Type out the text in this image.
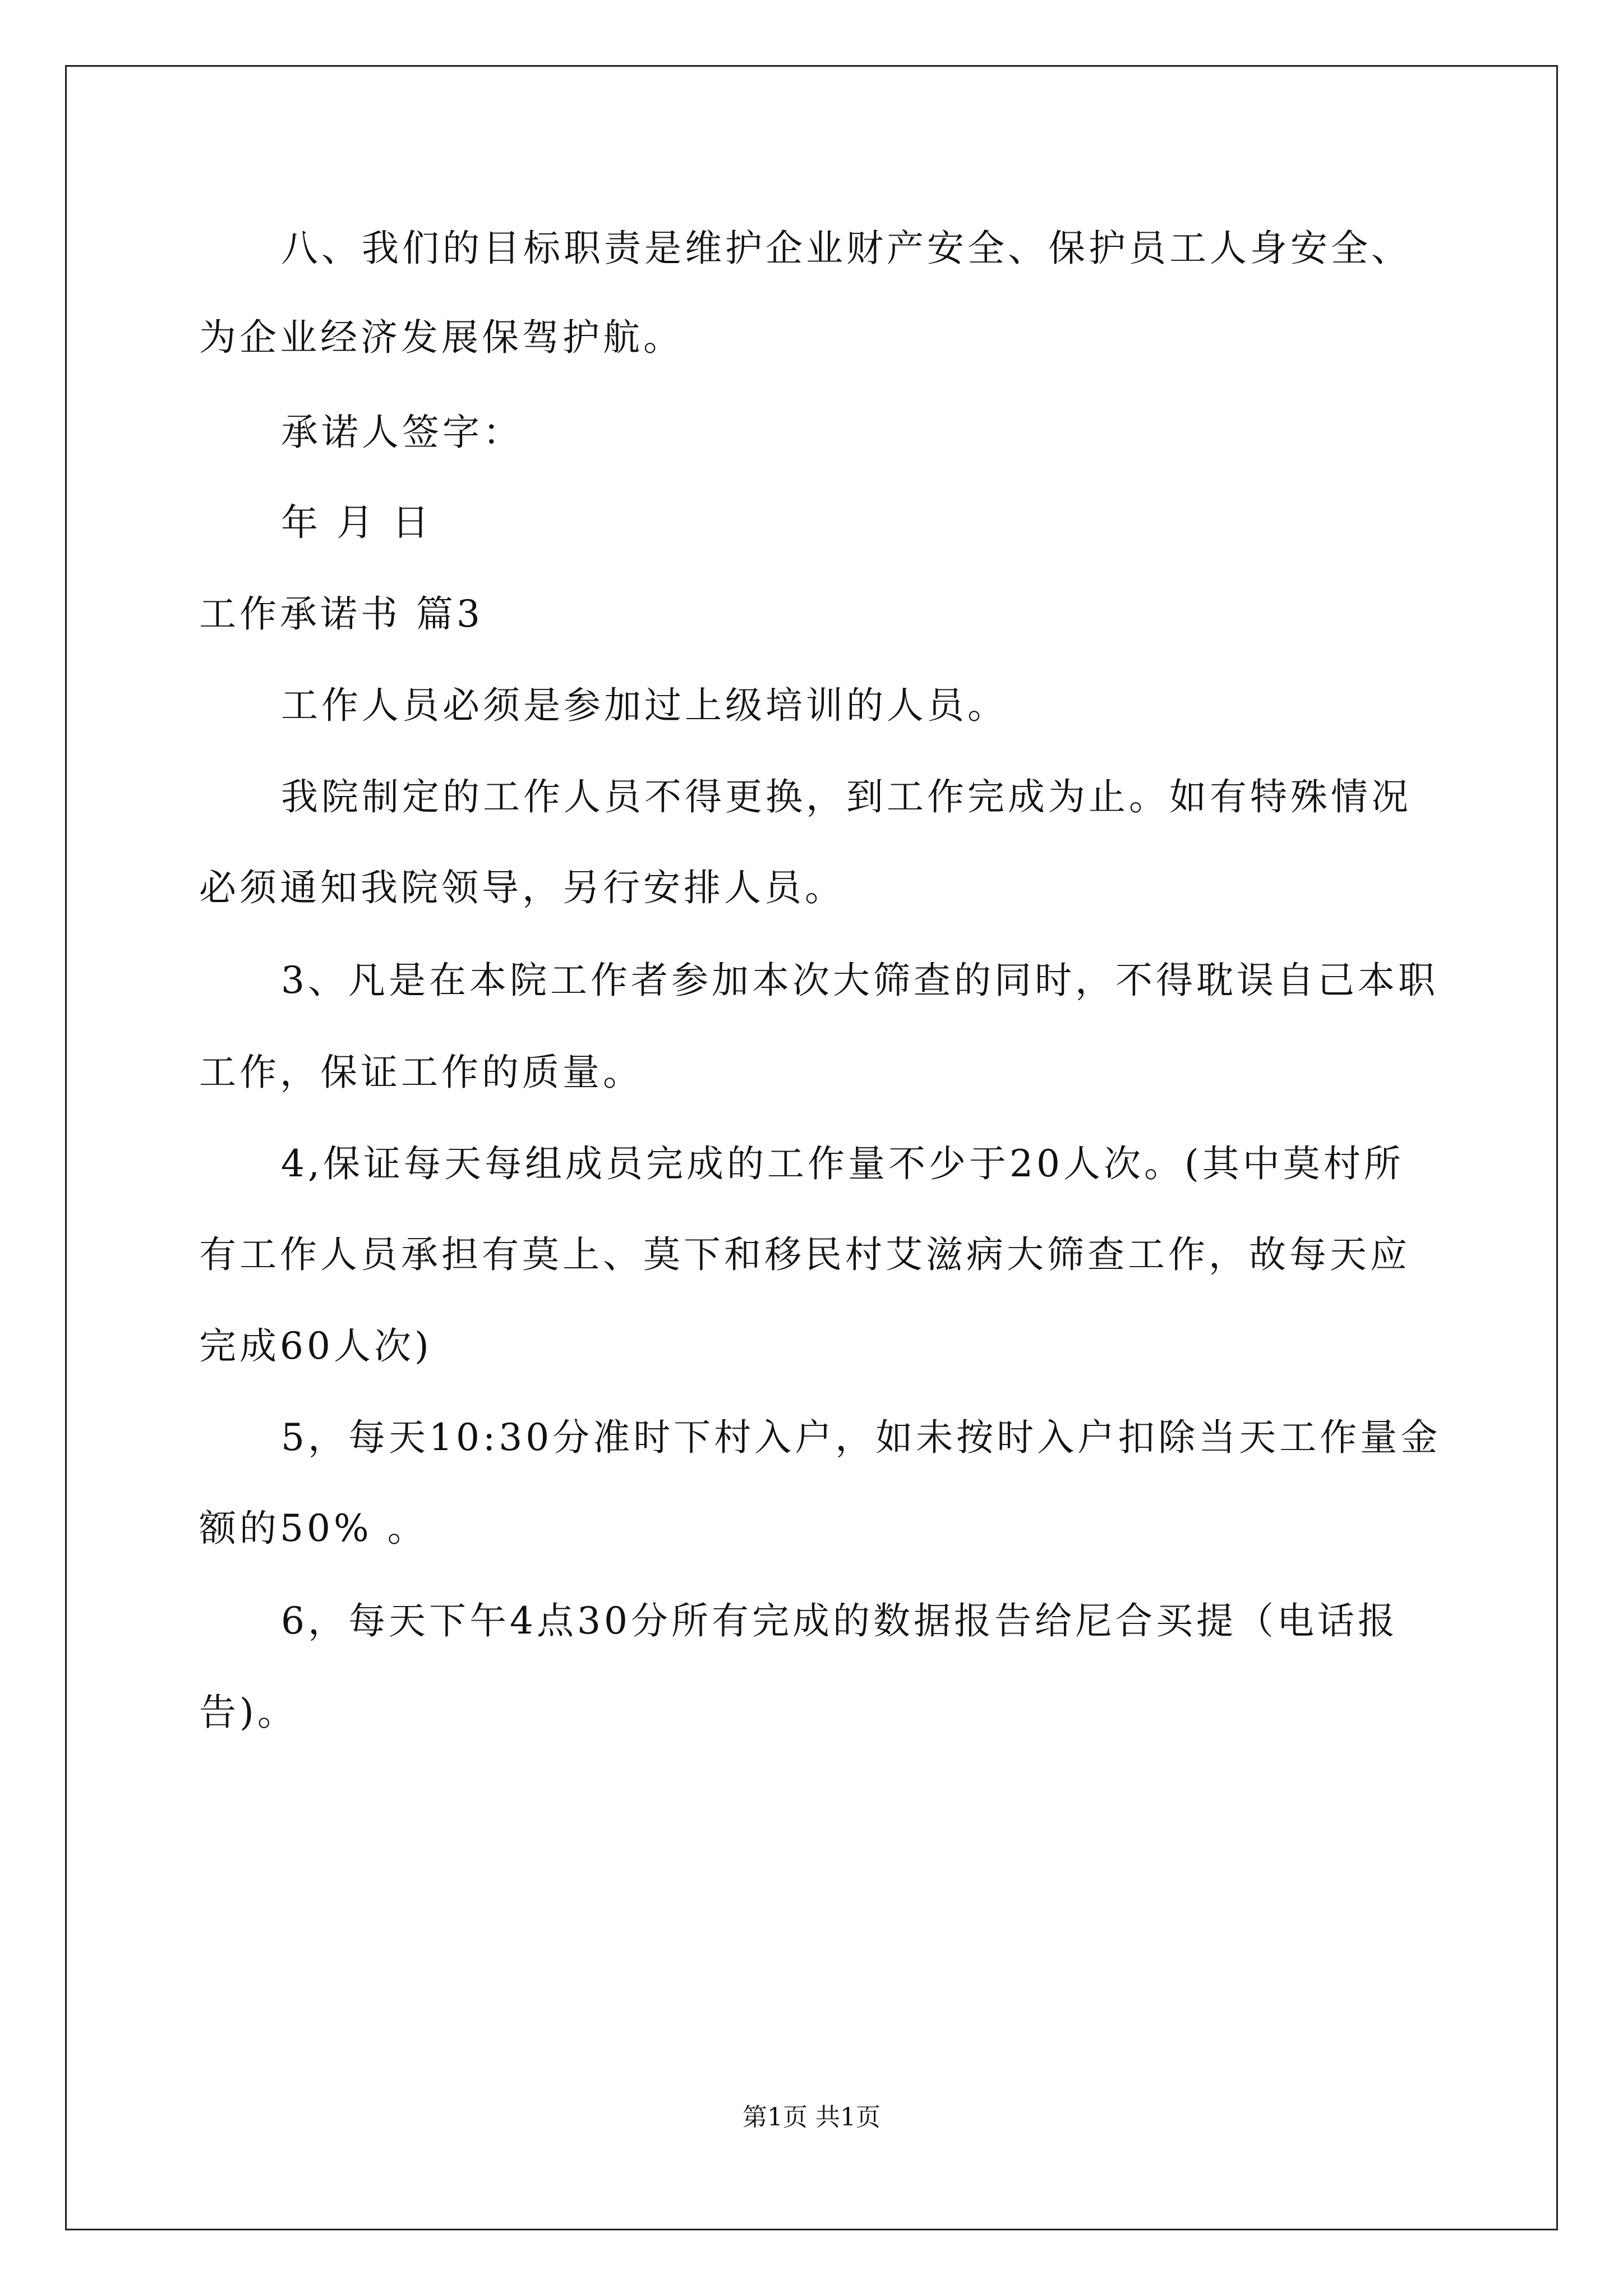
八、我们的目标职责是维护企业财产安全、保护员工人身安全、
为企业经济发展保驾护航。
承诺人签字：
年 月 日
工作承诺书 篇3
工作人员必须是参加过上级培训的人员。
我院制定的工作人员不得更换，到工作完成为止。如有特殊情况
必须通知我院领导，另行安排人员。
3、凡是在本院工作者参加本次大筛查的同时，不得耽误自己本职
工作，保证工作的质量。
4,保证每天每组成员完成的工作量不少于20人次。(其中莫村所
有工作人员承担有莫上、莫下和移民村艾滋病大筛查工作，故每天应
完成60人次)
5，每天10:30分准时下村入户，如未按时入户扣除当天工作量金
额的50% 。
6，每天下午4点30分所有完成的数据报告给尼合买提（电话报
告)。
第1页 共1页
